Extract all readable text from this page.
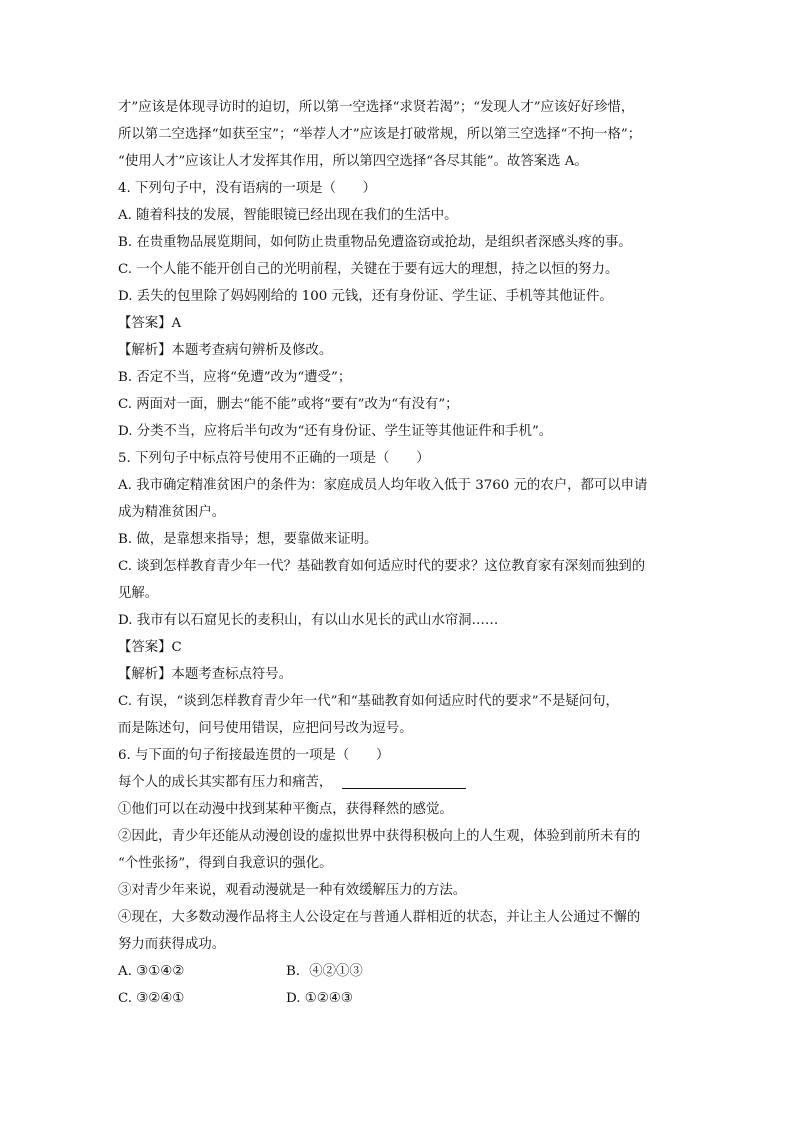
才”应该是体现寻访时的迫切，所以第一空选择“求贤若渴”；“发现人才”应该好好珍惜，
所以第二空选择“如获至宝”；“举荐人才”应该是打破常规，所以第三空选择“不拘一格”；
“使用人才”应该让人才发挥其作用，所以第四空选择“各尽其能”。故答案选 A。
4. 下列句子中，没有语病的一项是（　　）
A. 随着科技的发展，智能眼镜已经出现在我们的生活中。
B. 在贵重物品展览期间，如何防止贵重物品免遭盗窃或抢劫，是组织者深感头疼的事。
C. 一个人能不能开创自己的光明前程，关键在于要有远大的理想，持之以恒的努力。
D. 丢失的包里除了妈妈刚给的 100 元钱，还有身份证、学生证、手机等其他证件。
【答案】A
【解析】本题考查病句辨析及修改。
B. 否定不当，应将“免遭”改为“遭受”；
C. 两面对一面，删去“能不能”或将“要有”改为“有没有”；
D. 分类不当，应将后半句改为“还有身份证、学生证等其他证件和手机”。
5. 下列句子中标点符号使用不正确的一项是（　　）
A. 我市确定精准贫困户的条件为：家庭成员人均年收入低于 3760 元的农户，都可以申请
成为精准贫困户。
B. 做，是靠想来指导；想，要靠做来证明。
C. 谈到怎样教育青少年一代？基础教育如何适应时代的要求？这位教育家有深刻而独到的
见解。
D. 我市有以石窟见长的麦积山，有以山水见长的武山水帘洞……
【答案】C
【解析】本题考查标点符号。
C. 有误，“谈到怎样教育青少年一代”和“基础教育如何适应时代的要求”不是疑问句，
而是陈述句，问号使用错误，应把问号改为逗号。
6. 与下面的句子衔接最连贯的一项是（　　）
每个人的成长其实都有压力和痛苦，
①他们可以在动漫中找到某种平衡点，获得释然的感觉。
②因此，青少年还能从动漫创设的虚拟世界中获得积极向上的人生观，体验到前所未有的
“个性张扬”，得到自我意识的强化。
③对青少年来说，观看动漫就是一种有效缓解压力的方法。
④现在，大多数动漫作品将主人公设定在与普通人群相近的状态，并让主人公通过不懈的
努力而获得成功。
A. ③①④②	B．④②①③
C. ③②④①	D. ①②④③
